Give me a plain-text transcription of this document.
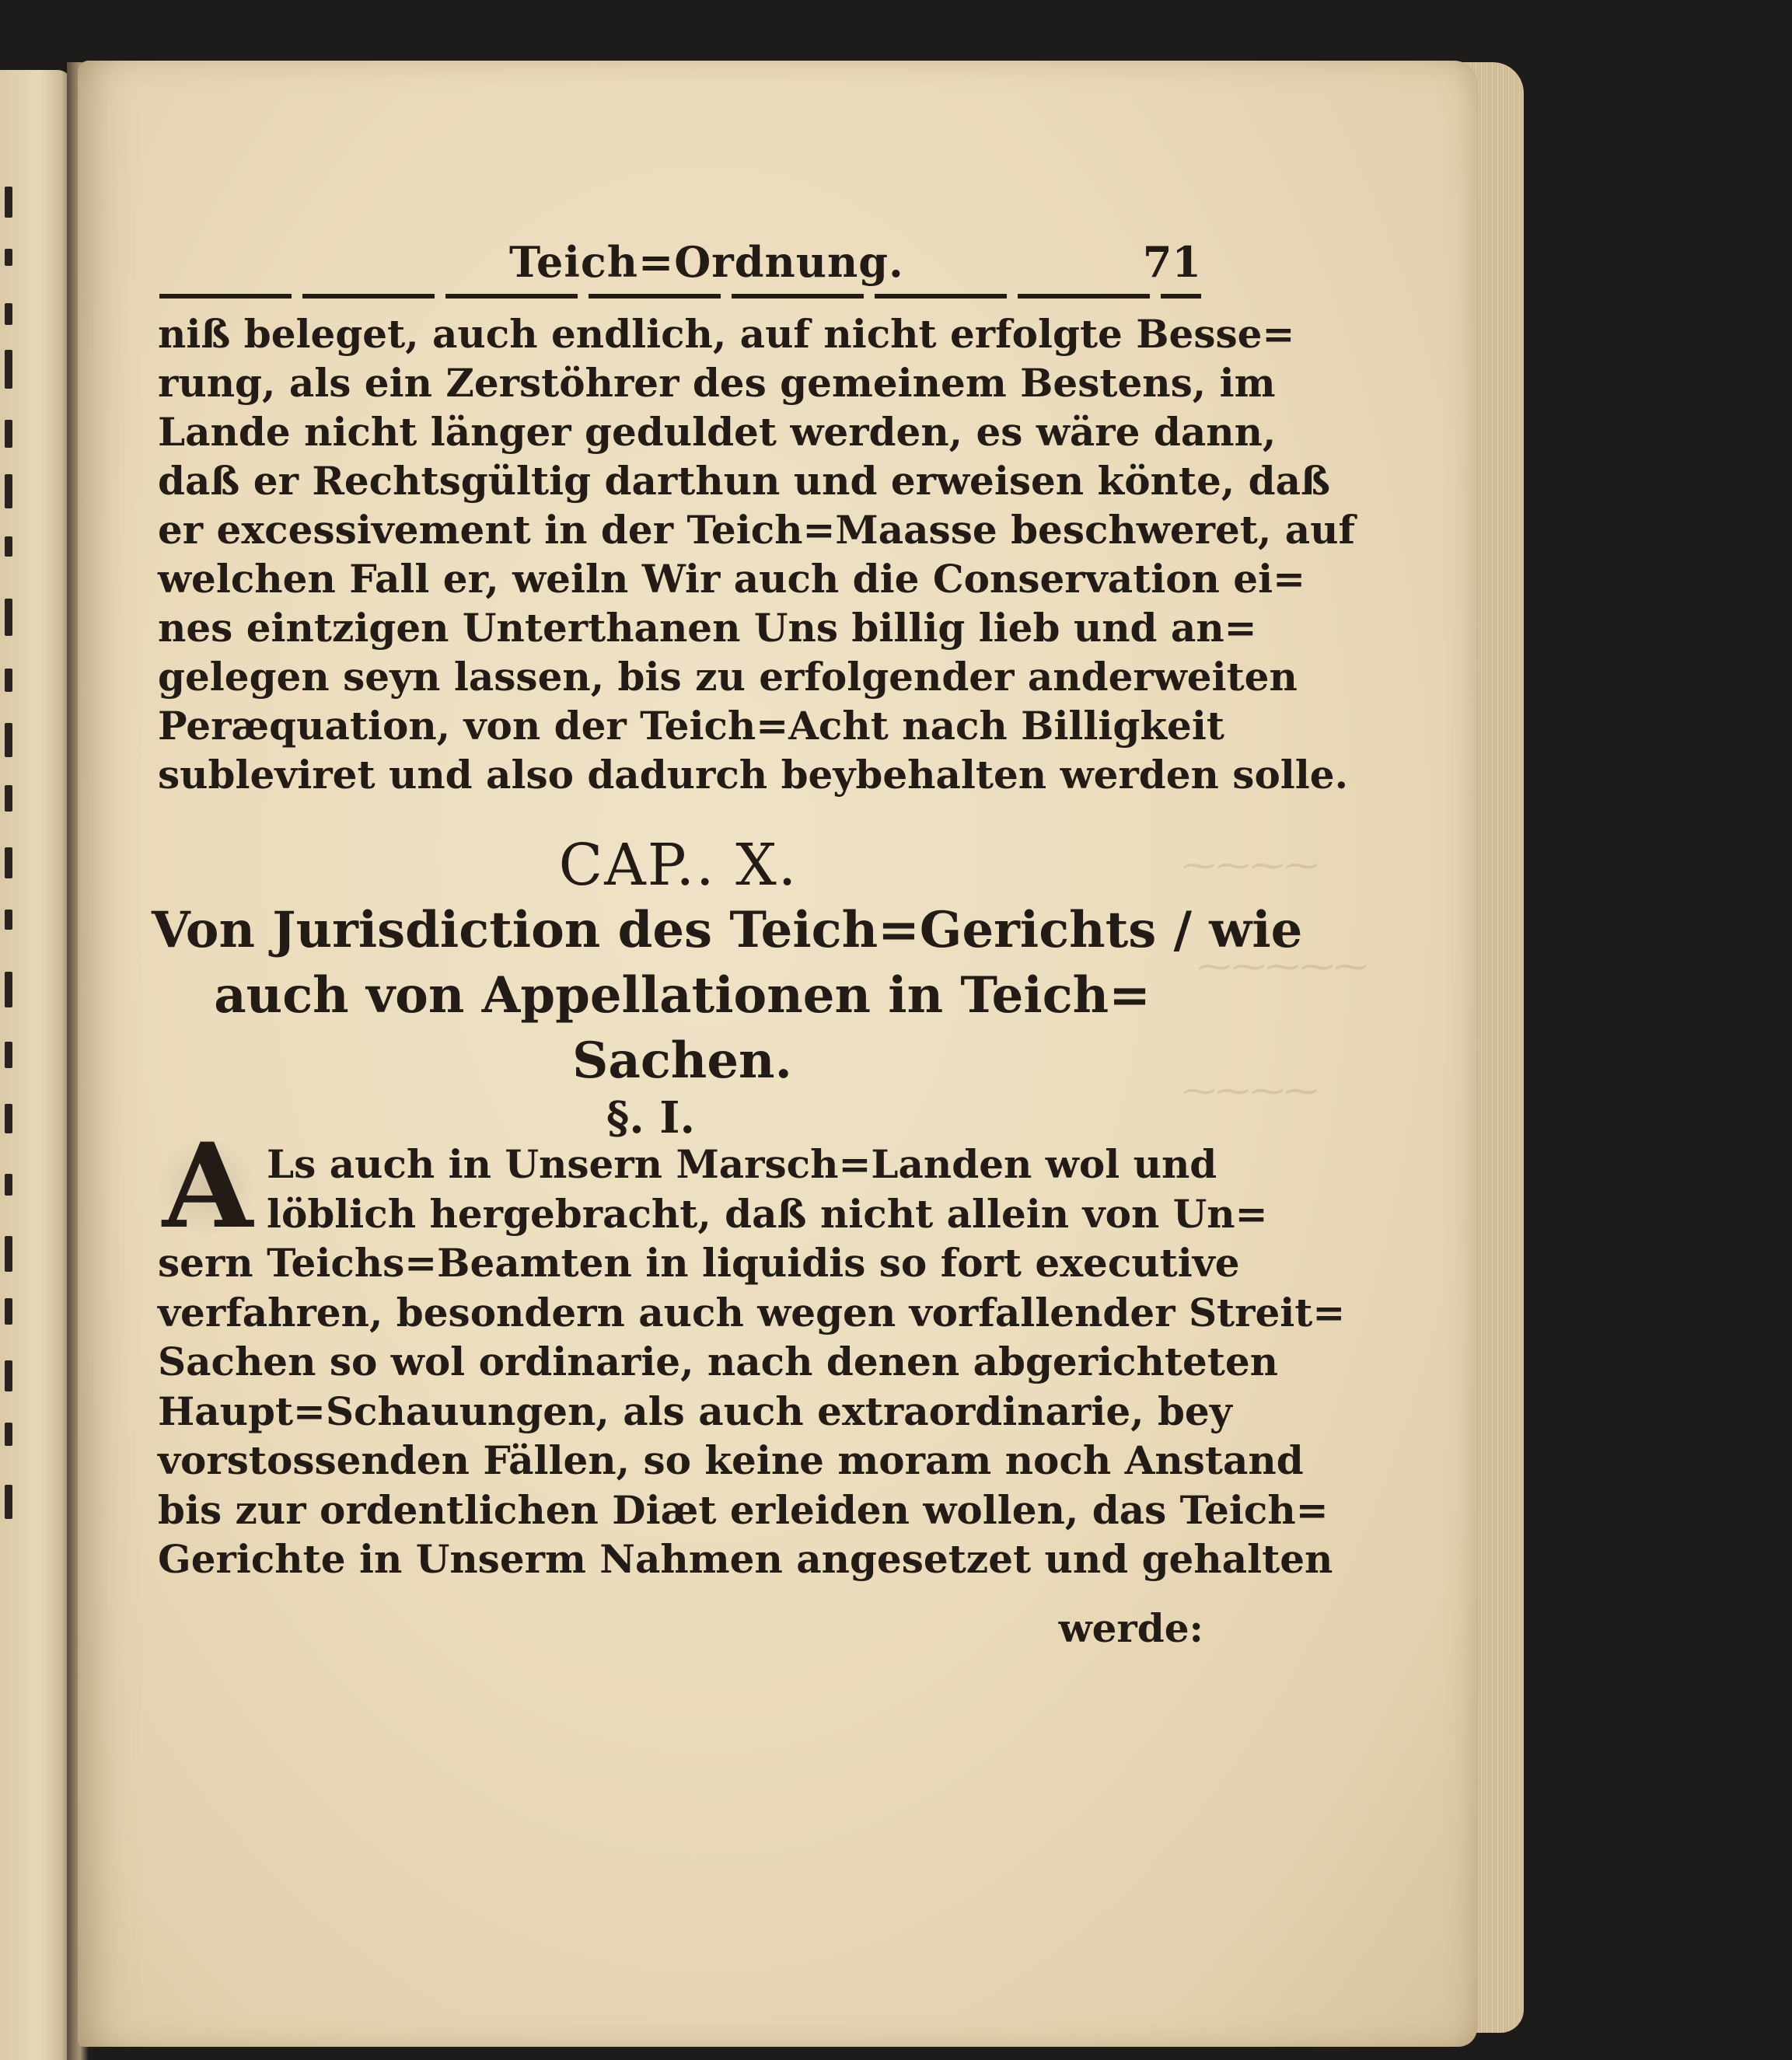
⁓⁓⁓⁓
⁓⁓⁓⁓⁓
⁓⁓⁓⁓
Teich=Ordnung.	71
niß beleget, auch endlich, auf nicht erfolgte Besse=
rung, als ein Zerstöhrer des gemeinem Bestens, im
Lande nicht länger geduldet werden, es wäre dann,
daß er Rechtsgültig darthun und erweisen könte, daß
er excessivement in der Teich=Maasse beschweret, auf
welchen Fall er, weiln Wir auch die Conservation ei=
nes eintzigen Unterthanen Uns billig lieb und an=
gelegen seyn lassen, bis zu erfolgender anderweiten
Peræquation, von der Teich=Acht nach Billigkeit
subleviret und also dadurch beybehalten werden solle.
CAP.. X.
Von Jurisdiction des Teich=Gerichts / wie
auch von Appellationen in Teich=
Sachen.
§. I.
A Ls auch in Unsern Marsch=Landen wol und
löblich hergebracht, daß nicht allein von Un=
sern Teichs=Beamten in liquidis so fort executive
verfahren, besondern auch wegen vorfallender Streit=
Sachen so wol ordinarie, nach denen abgerichteten
Haupt=Schauungen, als auch extraordinarie, bey
vorstossenden Fällen, so keine moram noch Anstand
bis zur ordentlichen Diæt erleiden wollen, das Teich=
Gerichte in Unserm Nahmen angesetzet und gehalten
werde:
